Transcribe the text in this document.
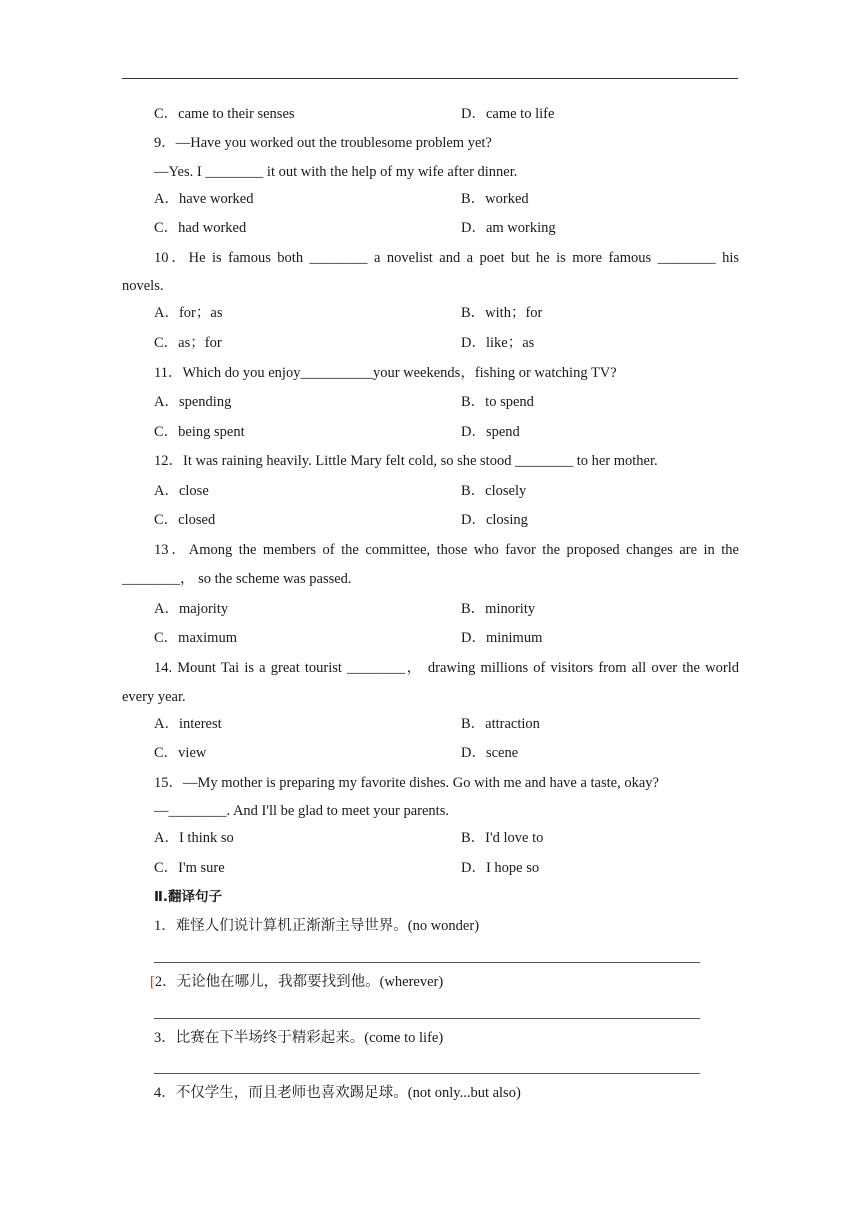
C．came to their senses	D．came to life
9．—Have you worked out the troublesome problem yet?
—Yes. I ________ it out with the help of my wife after dinner.
A．have worked	B．worked
C．had worked	D．am working
10．He is famous both ________ a novelist and a poet but he is more famous ________ his
novels.
A．for；as	B．with；for
C．as；for	D．like；as
11．Which do you enjoy__________your weekends，fishing or watching TV?
A．spending	B．to spend
C．being spent	D．spend
12．It was raining heavily. Little Mary felt cold, so she stood ________ to her mother.
A．close	B．closely
C．closed	D．closing
13．Among the members of the committee, those who favor the proposed changes are in the
________， so the scheme was passed.
A．majority	B．minority
C．maximum	D．minimum
14. Mount Tai is a great tourist ________， drawing millions of visitors from all over the world
every year.
A．interest	B．attraction
C．view	D．scene
15．—My mother is preparing my favorite dishes. Go with me and have a taste, okay?
—________. And I'll be glad to meet your parents.
A．I think so	B．I'd love to
C．I'm sure	D．I hope so
Ⅱ.翻译句子
1．难怪人们说计算机正渐渐主导世界。(no wonder)
[2．无论他在哪儿，我都要找到他。(wherever)
3．比赛在下半场终于精彩起来。(come to life)
4．不仅学生，而且老师也喜欢踢足球。(not only...but also)
